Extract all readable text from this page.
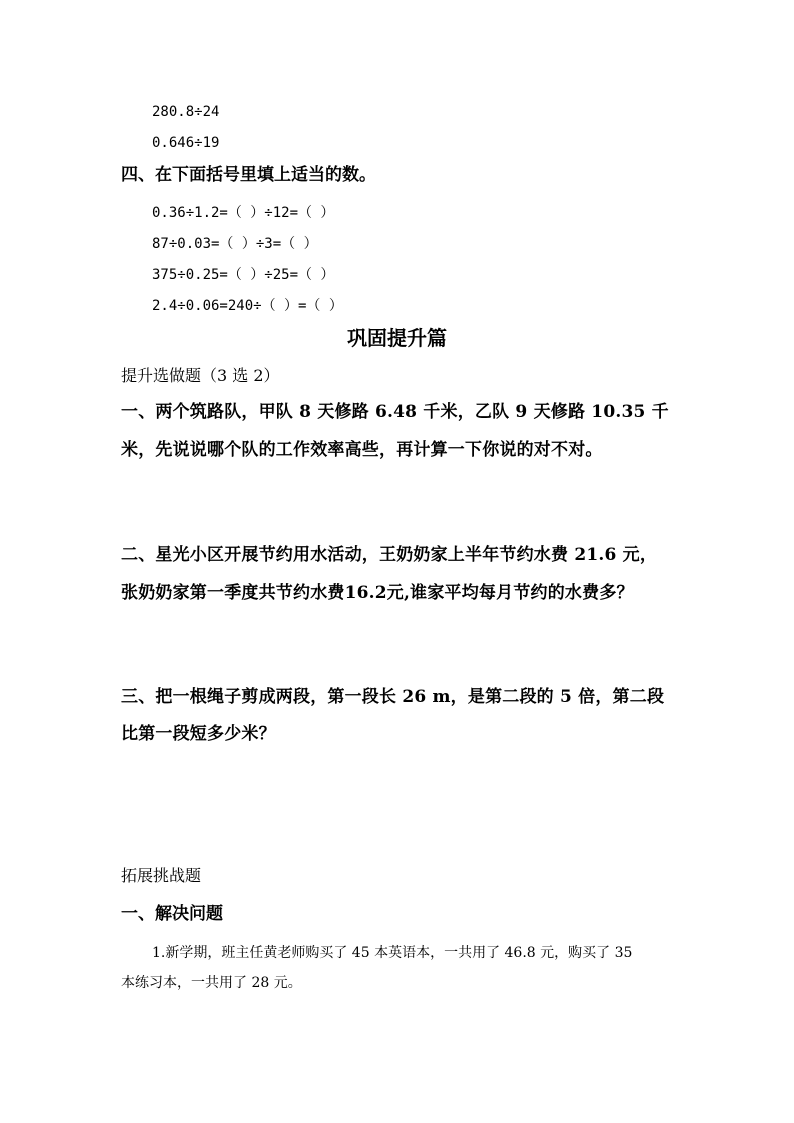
280.8÷24
0.646÷19
四、在下面括号里填上适当的数。
0.36÷1.2=（ ）÷12=（ ）
87÷0.03=（ ）÷3=（ ）
375÷0.25=（ ）÷25=（ ）
2.4÷0.06=240÷（ ）=（ ）
巩固提升篇
提升选做题（3 选 2）
一、两个筑路队，甲队 8 天修路 6.48 千米，乙队 9 天修路 10.35 千
米，先说说哪个队的工作效率高些，再计算一下你说的对不对。
二、星光小区开展节约用水活动，王奶奶家上半年节约水费 21.6 元，
张奶奶家第一季度共节约水费16.2元,谁家平均每月节约的水费多？
三、把一根绳子剪成两段，第一段长 26 m，是第二段的 5 倍，第二段
比第一段短多少米？
拓展挑战题
一、解决问题
1.新学期，班主任黄老师购买了 45 本英语本，一共用了 46.8 元，购买了 35
本练习本，一共用了 28 元。
